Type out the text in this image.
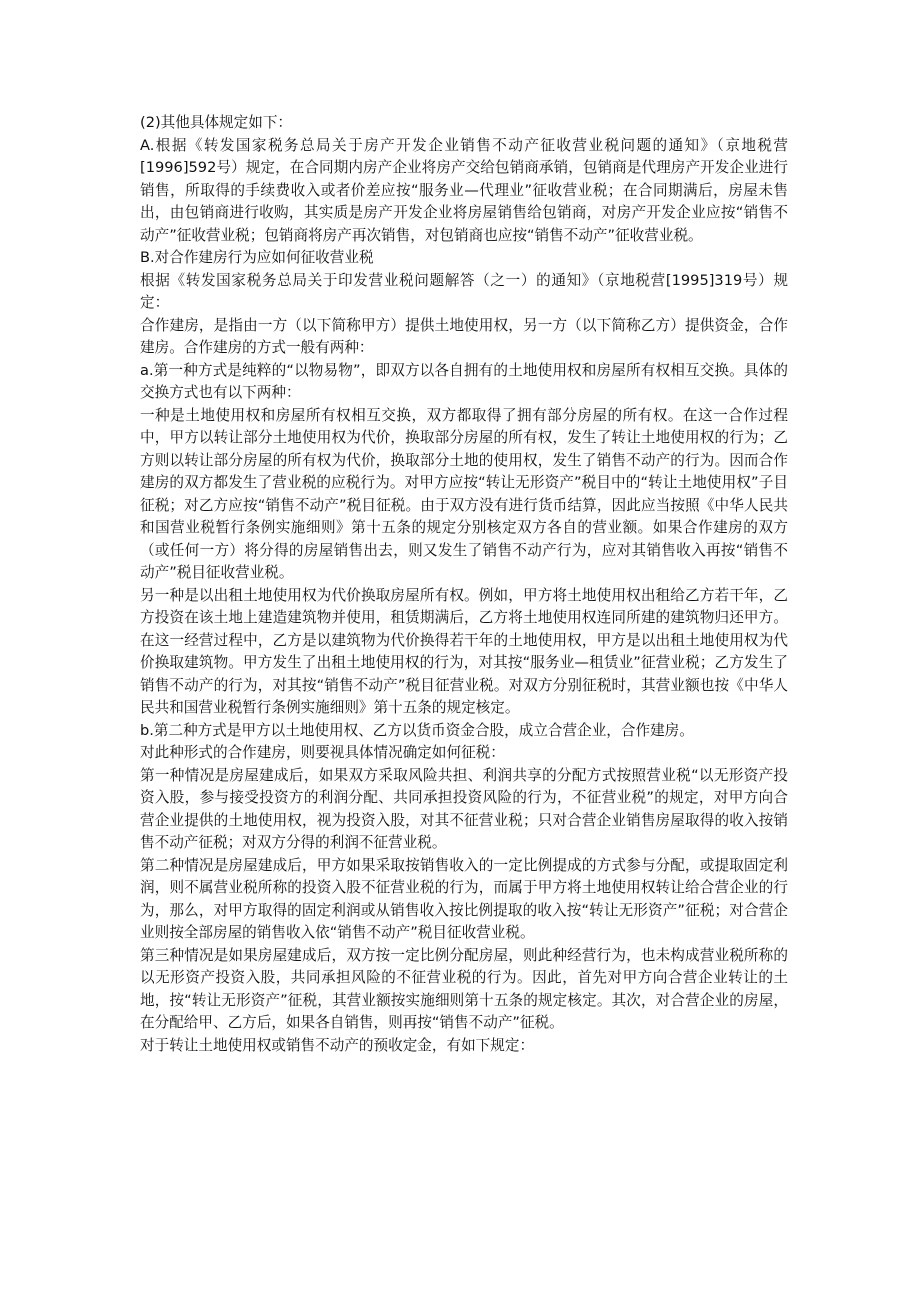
(2)其他具体规定如下：

A.根据《转发国家税务总局关于房产开发企业销售不动产征收营业税问题的通知》（京地税营[1996]592号）规定，在合同期内房产企业将房产交给包销商承销，包销商是代理房产开发企业进行销售，所取得的手续费收入或者价差应按“服务业—代理业”征收营业税；在合同期满后，房屋未售出，由包销商进行收购，其实质是房产开发企业将房屋销售给包销商，对房产开发企业应按“销售不动产”征收营业税；包销商将房产再次销售，对包销商也应按“销售不动产”征收营业税。

B.对合作建房行为应如何征收营业税

根据《转发国家税务总局关于印发营业税问题解答（之一）的通知》（京地税营[1995]319号）规定：

合作建房，是指由一方（以下简称甲方）提供土地使用权，另一方（以下简称乙方）提供资金，合作建房。合作建房的方式一般有两种：

a.第一种方式是纯粹的“以物易物”，即双方以各自拥有的土地使用权和房屋所有权相互交换。具体的交换方式也有以下两种：

一种是土地使用权和房屋所有权相互交换，双方都取得了拥有部分房屋的所有权。在这一合作过程中，甲方以转让部分土地使用权为代价，换取部分房屋的所有权，发生了转让土地使用权的行为；乙方则以转让部分房屋的所有权为代价，换取部分土地的使用权，发生了销售不动产的行为。因而合作建房的双方都发生了营业税的应税行为。对甲方应按“转让无形资产”税目中的“转让土地使用权”子目征税；对乙方应按“销售不动产”税目征税。由于双方没有进行货币结算，因此应当按照《中华人民共和国营业税暂行条例实施细则》第十五条的规定分别核定双方各自的营业额。如果合作建房的双方（或任何一方）将分得的房屋销售出去，则又发生了销售不动产行为，应对其销售收入再按“销售不动产”税目征收营业税。

另一种是以出租土地使用权为代价换取房屋所有权。例如，甲方将土地使用权出租给乙方若干年，乙方投资在该土地上建造建筑物并使用，租赁期满后，乙方将土地使用权连同所建的建筑物归还甲方。在这一经营过程中，乙方是以建筑物为代价换得若干年的土地使用权，甲方是以出租土地使用权为代价换取建筑物。甲方发生了出租土地使用权的行为，对其按“服务业—租赁业”征营业税；乙方发生了销售不动产的行为，对其按“销售不动产”税目征营业税。对双方分别征税时，其营业额也按《中华人民共和国营业税暂行条例实施细则》第十五条的规定核定。

b.第二种方式是甲方以土地使用权、乙方以货币资金合股，成立合营企业，合作建房。

对此种形式的合作建房，则要视具体情况确定如何征税：

第一种情况是房屋建成后，如果双方采取风险共担、利润共享的分配方式按照营业税“以无形资产投资入股，参与接受投资方的利润分配、共同承担投资风险的行为，不征营业税”的规定，对甲方向合营企业提供的土地使用权，视为投资入股，对其不征营业税；只对合营企业销售房屋取得的收入按销售不动产征税；对双方分得的利润不征营业税。

第二种情况是房屋建成后，甲方如果采取按销售收入的一定比例提成的方式参与分配，或提取固定利润，则不属营业税所称的投资入股不征营业税的行为，而属于甲方将土地使用权转让给合营企业的行为，那么，对甲方取得的固定利润或从销售收入按比例提取的收入按“转让无形资产”征税；对合营企业则按全部房屋的销售收入依“销售不动产”税目征收营业税。

第三种情况是如果房屋建成后，双方按一定比例分配房屋，则此种经营行为，也未构成营业税所称的以无形资产投资入股，共同承担风险的不征营业税的行为。因此，首先对甲方向合营企业转让的土地，按“转让无形资产”征税，其营业额按实施细则第十五条的规定核定。其次，对合营企业的房屋，在分配给甲、乙方后，如果各自销售，则再按“销售不动产”征税。

对于转让土地使用权或销售不动产的预收定金，有如下规定：
